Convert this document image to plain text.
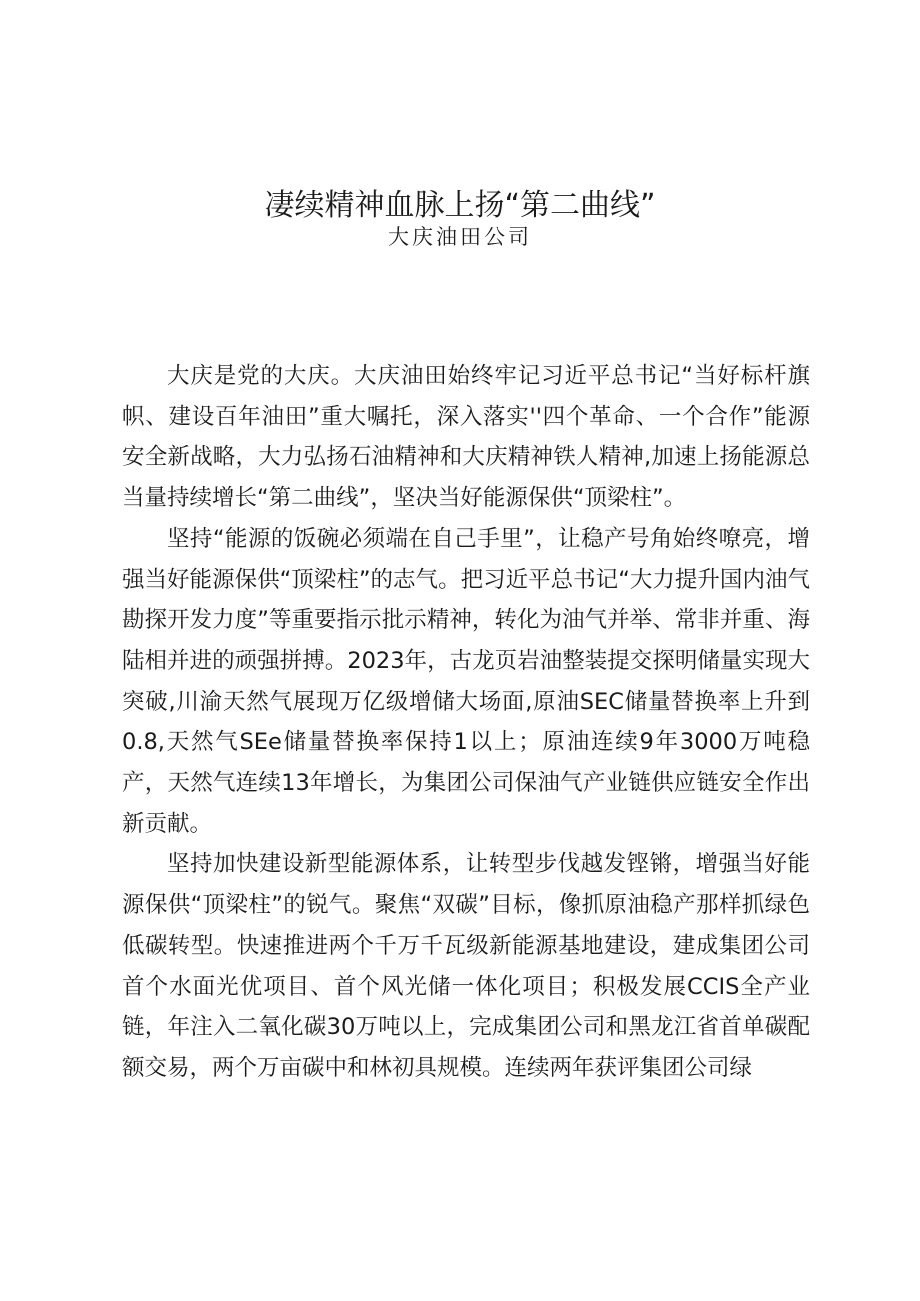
凄续精神血脉上扬“第二曲线”
大庆油田公司

大庆是党的大庆。大庆油田始终牢记习近平总书记“当好标杆旗帜、建设百年油田”重大嘱托，深入落实''四个革命、一个合作”能源安全新战略，大力弘扬石油精神和大庆精神铁人精神,加速上扬能源总当量持续增长“第二曲线”，坚决当好能源保供“顶梁柱”。

坚持“能源的饭碗必须端在自己手里”，让稳产号角始终嘹亮，增强当好能源保供“顶梁柱”的志气。把习近平总书记“大力提升国内油气勘探开发力度”等重要指示批示精神，转化为油气并举、常非并重、海陆相并进的顽强拼搏。2023年，古龙页岩油整装提交探明储量实现大突破,川渝天然气展现万亿级增储大场面,原油SEC储量替换率上升到0.8,天然气SEe储量替换率保持1以上；原油连续9年3000万吨稳产，天然气连续13年增长，为集团公司保油气产业链供应链安全作出新贡献。

坚持加快建设新型能源体系，让转型步伐越发铿锵，增强当好能源保供“顶梁柱”的锐气。聚焦“双碳”目标，像抓原油稳产那样抓绿色低碳转型。快速推进两个千万千瓦级新能源基地建设，建成集团公司首个水面光优项目、首个风光储一体化项目；积极发展CCIS全产业链，年注入二氧化碳30万吨以上，完成集团公司和黑龙江省首单碳配额交易，两个万亩碳中和林初具规模。连续两年获评集团公司绿
